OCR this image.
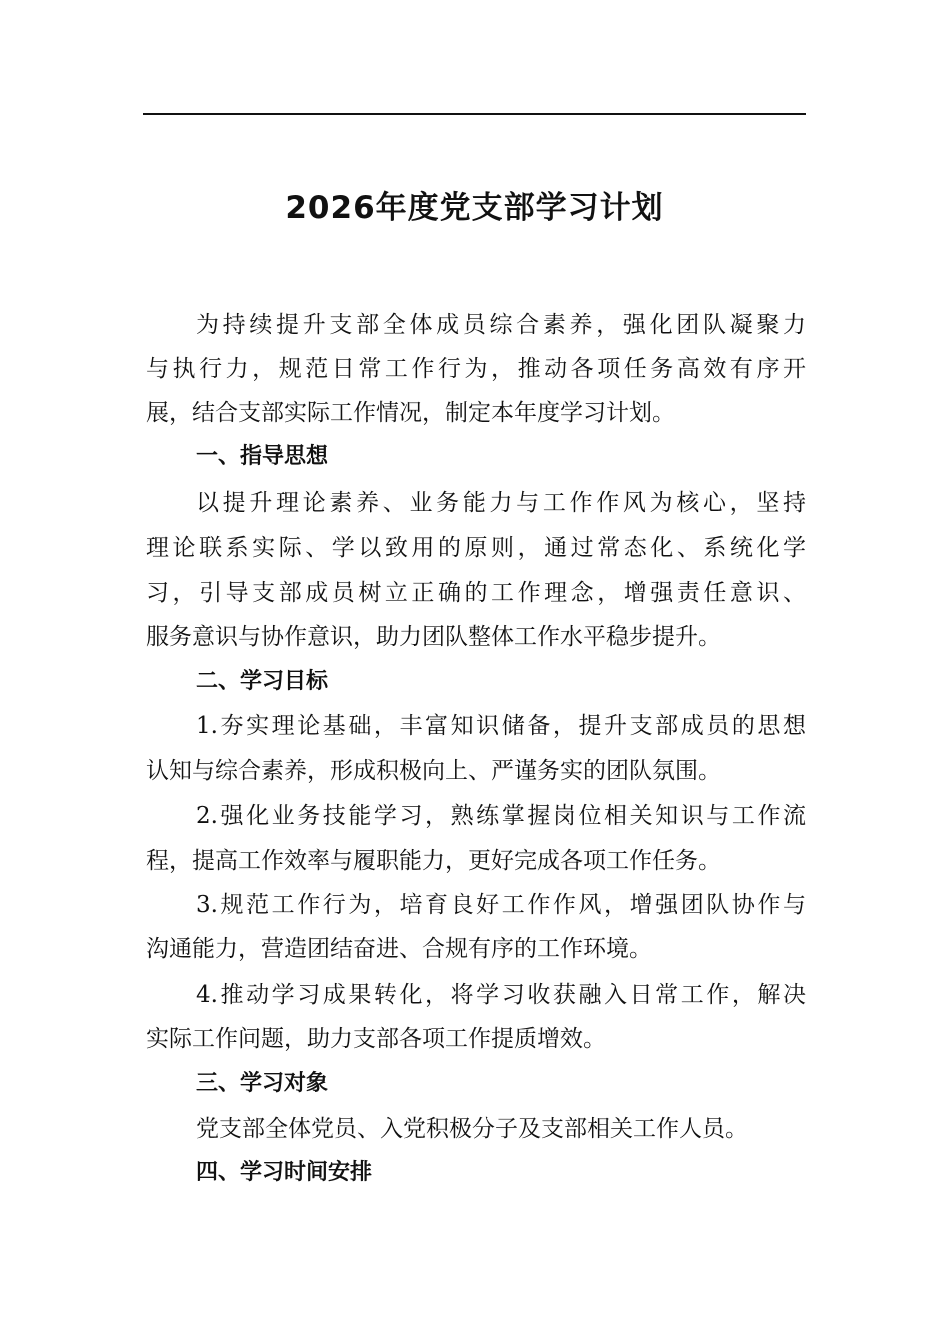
2026年度党支部学习计划
为持续提升支部全体成员综合素养，强化团队凝聚力
与执行力，规范日常工作行为，推动各项任务高效有序开
展，结合支部实际工作情况，制定本年度学习计划。
一、指导思想
以提升理论素养、业务能力与工作作风为核心，坚持
理论联系实际、学以致用的原则，通过常态化、系统化学
习，引导支部成员树立正确的工作理念，增强责任意识、
服务意识与协作意识，助力团队整体工作水平稳步提升。
二、学习目标
1.夯实理论基础，丰富知识储备，提升支部成员的思想
认知与综合素养，形成积极向上、严谨务实的团队氛围。
2.强化业务技能学习，熟练掌握岗位相关知识与工作流
程，提高工作效率与履职能力，更好完成各项工作任务。
3.规范工作行为，培育良好工作作风，增强团队协作与
沟通能力，营造团结奋进、合规有序的工作环境。
4.推动学习成果转化，将学习收获融入日常工作，解决
实际工作问题，助力支部各项工作提质增效。
三、学习对象
党支部全体党员、入党积极分子及支部相关工作人员。
四、学习时间安排
